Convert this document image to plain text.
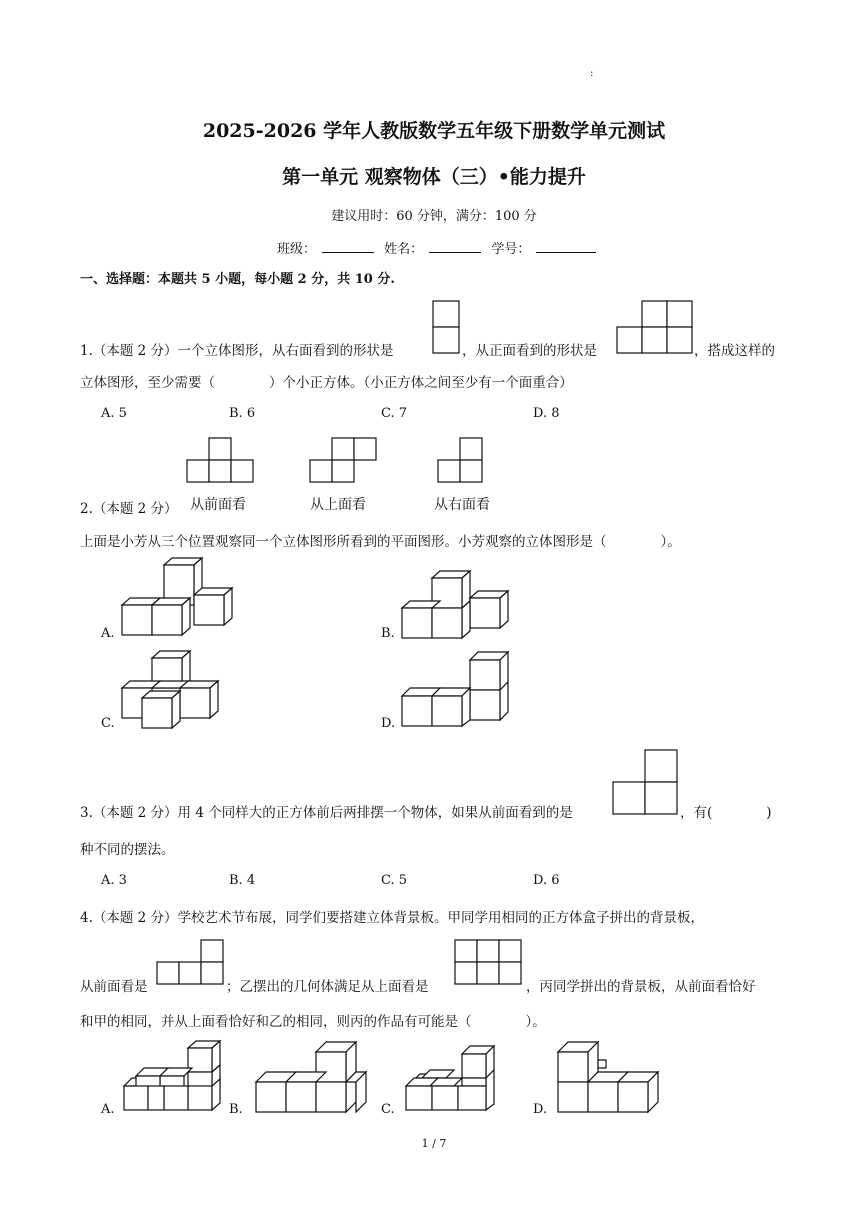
:
2025-2026 学年人教版数学五年级下册数学单元测试
第一单元 观察物体（三）•能力提升
建议用时：60 分钟，满分：100 分
班级：	姓名：	学号：
一、选择题：本题共 5 小题，每小题 2 分，共 10 分.
1.（本题 2 分）一个立体图形，从右面看到的形状是	，从正面看到的形状是	，搭成这样的
立体图形，至少需要（　　　　）个小正方体。（小正方体之间至少有一个面重合）
A. 5	B. 6	C. 7	D. 8
2.（本题 2 分） 从前面看	从上面看	从右面看
上面是小芳从三个位置观察同一个立体图形所看到的平面图形。小芳观察的立体图形是（　　　　）。
A.	B.
C.	D.
3.（本题 2 分）用 4 个同样大的正方体前后两排摆一个物体，如果从前面看到的是	，有(　　　　)
种不同的摆法。
A. 3	B. 4	C. 5	D. 6
4.（本题 2 分）学校艺术节布展，同学们要搭建立体背景板。甲同学用相同的正方体盒子拼出的背景板，
从前面看是	；乙摆出的几何体满足从上面看是	，丙同学拼出的背景板，从前面看恰好
和甲的相同，并从上面看恰好和乙的相同，则丙的作品有可能是（　　　　）。
A.	B.	C.	D.
1 / 7
